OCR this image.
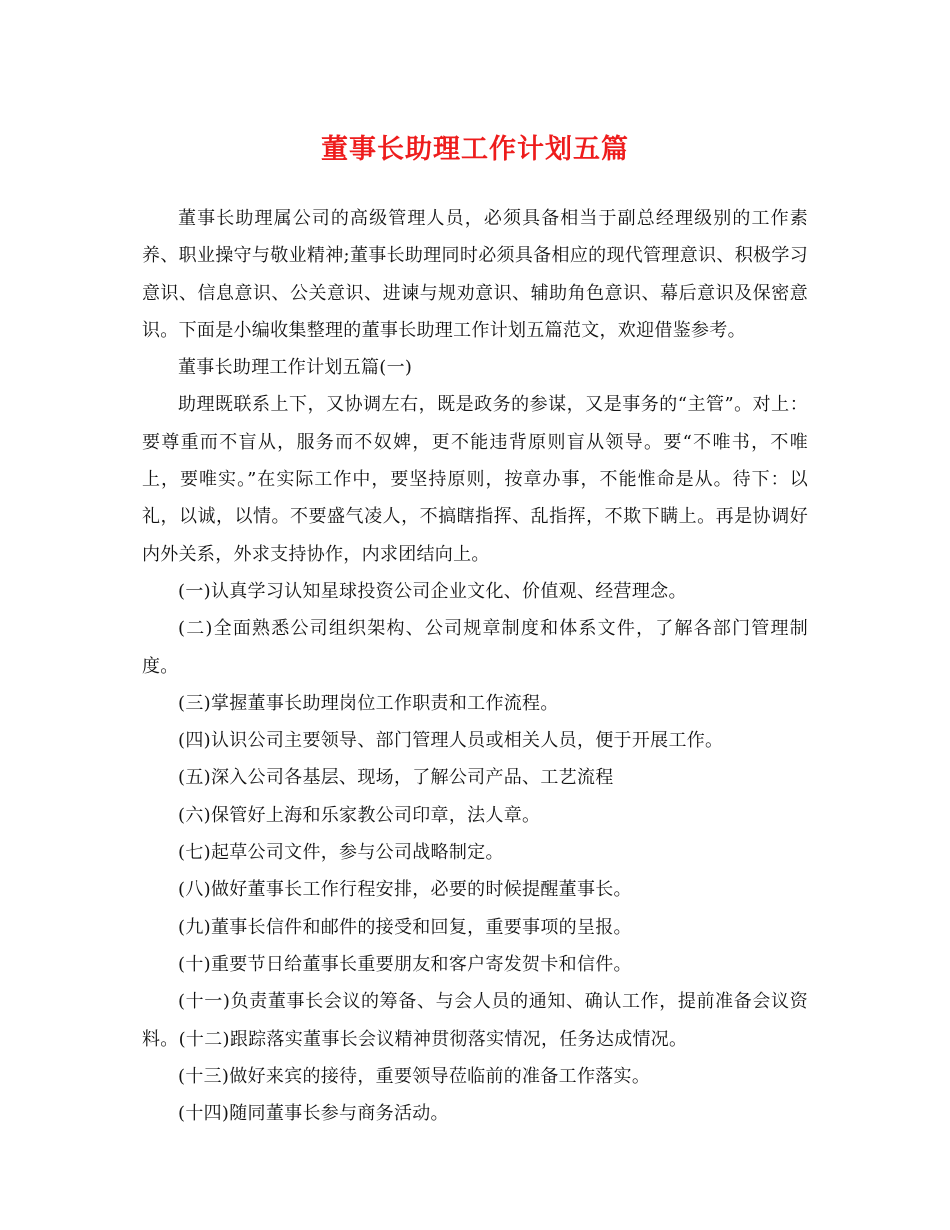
董事长助理工作计划五篇

董事长助理属公司的高级管理人员，必须具备相当于副总经理级别的工作素养、职业操守与敬业精神;董事长助理同时必须具备相应的现代管理意识、积极学习意识、信息意识、公关意识、进谏与规劝意识、辅助角色意识、幕后意识及保密意识。下面是小编收集整理的董事长助理工作计划五篇范文，欢迎借鉴参考。

董事长助理工作计划五篇(一)

助理既联系上下，又协调左右，既是政务的参谋，又是事务的“主管”。对上：要尊重而不盲从，服务而不奴婢，更不能违背原则盲从领导。要“不唯书，不唯上，要唯实。”在实际工作中，要坚持原则，按章办事，不能惟命是从。待下：以礼，以诚，以情。不要盛气凌人，不搞瞎指挥、乱指挥，不欺下瞒上。再是协调好内外关系，外求支持协作，内求团结向上。

(一)认真学习认知星球投资公司企业文化、价值观、经营理念。

(二)全面熟悉公司组织架构、公司规章制度和体系文件，了解各部门管理制度。

(三)掌握董事长助理岗位工作职责和工作流程。

(四)认识公司主要领导、部门管理人员或相关人员，便于开展工作。

(五)深入公司各基层、现场，了解公司产品、工艺流程

(六)保管好上海和乐家教公司印章，法人章。

(七)起草公司文件，参与公司战略制定。

(八)做好董事长工作行程安排，必要的时候提醒董事长。

(九)董事长信件和邮件的接受和回复，重要事项的呈报。

(十)重要节日给董事长重要朋友和客户寄发贺卡和信件。

(十一)负责董事长会议的筹备、与会人员的通知、确认工作，提前准备会议资料。(十二)跟踪落实董事长会议精神贯彻落实情况，任务达成情况。

(十三)做好来宾的接待，重要领导莅临前的准备工作落实。

(十四)随同董事长参与商务活动。
